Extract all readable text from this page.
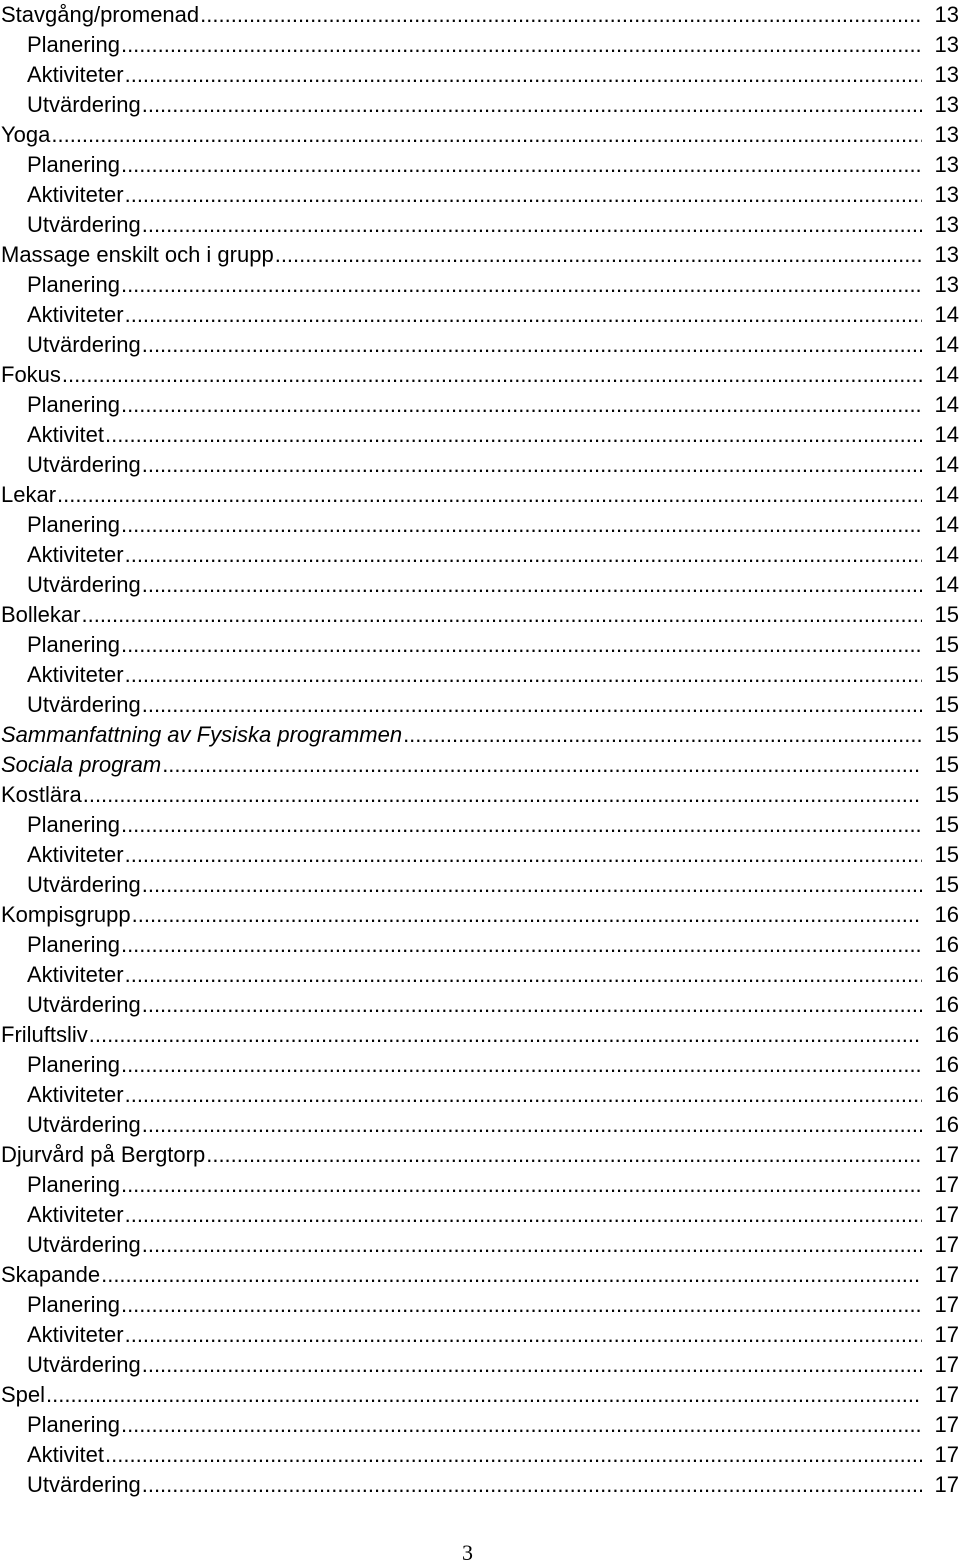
Stavgång/promenad .....	13
Planering .....	13
Aktiviteter .....	13
Utvärdering .....	13
Yoga .....	13
Planering .....	13
Aktiviteter .....	13
Utvärdering .....	13
Massage enskilt och i grupp .....	13
Planering .....	13
Aktiviteter .....	14
Utvärdering .....	14
Fokus .....	14
Planering .....	14
Aktivitet .....	14
Utvärdering .....	14
Lekar .....	14
Planering .....	14
Aktiviteter .....	14
Utvärdering .....	14
Bollekar .....	15
Planering .....	15
Aktiviteter .....	15
Utvärdering .....	15
Sammanfattning av Fysiska programmen .....	15
Sociala program .....	15
Kostlära .....	15
Planering .....	15
Aktiviteter .....	15
Utvärdering .....	15
Kompisgrupp .....	16
Planering .....	16
Aktiviteter .....	16
Utvärdering .....	16
Friluftsliv .....	16
Planering .....	16
Aktiviteter .....	16
Utvärdering .....	16
Djurvård på Bergtorp .....	17
Planering .....	17
Aktiviteter .....	17
Utvärdering .....	17
Skapande .....	17
Planering .....	17
Aktiviteter .....	17
Utvärdering .....	17
Spel .....	17
Planering .....	17
Aktivitet .....	17
Utvärdering .....	17
3
